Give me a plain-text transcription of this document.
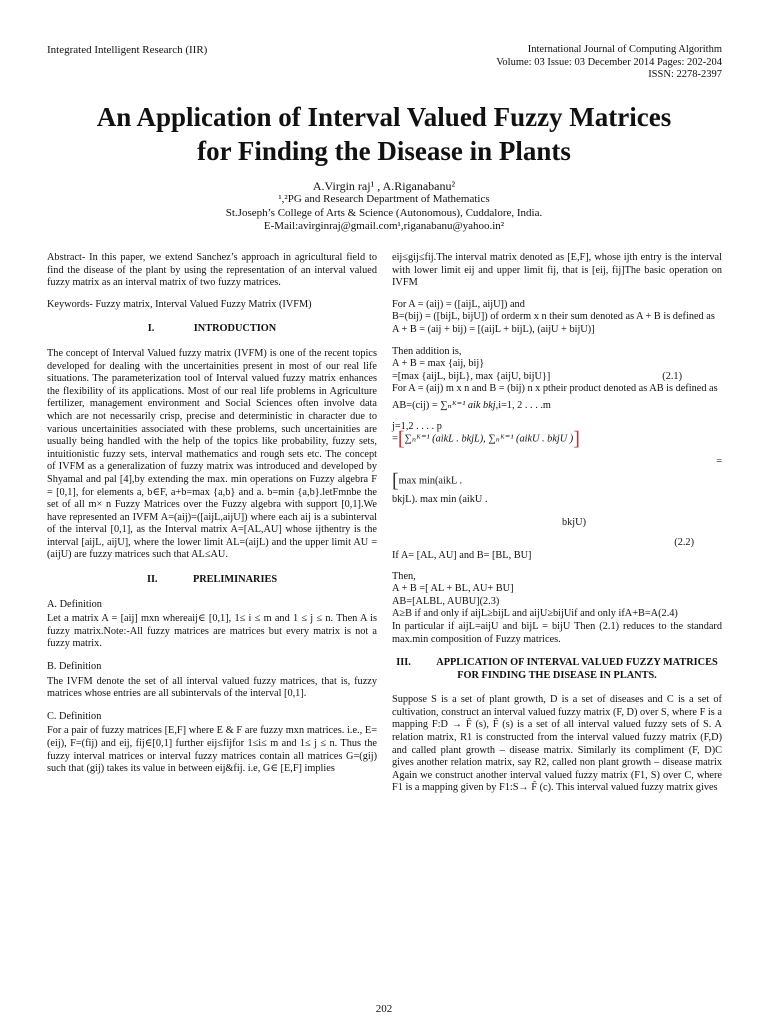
Integrated Intelligent Research (IIR)	International Journal of Computing Algorithm
Volume: 03 Issue: 03 December 2014 Pages: 202-204
ISSN: 2278-2397
An Application of Interval Valued Fuzzy Matrices
for Finding the Disease in Plants
A.Virgin raj¹ , A.Riganabanu²
¹,²PG and Research Department of Mathematics
St.Joseph’s College of Arts & Science (Autonomous), Cuddalore, India.
E-Mail:avirginraj@gmail.com¹,riganabanu@yahoo.in²

Abstract- In this paper, we extend Sanchez’s approach in agricultural field to find the disease of the plant by using the representation of an interval valued fuzzy matrix as an interval matrix of two fuzzy matrices.

Keywords- Fuzzy matrix, Interval Valued Fuzzy Matrix (IVFM)

I.	INTRODUCTION

The concept of Interval Valued fuzzy matrix (IVFM) is one of the recent topics developed for dealing with the uncertainities present in most of our real life situations. The parameterization tool of Interval valued fuzzy matrix enhances the flexibility of its applications. Most of our real life problems in Agriculture fertilizer, management environment and Social Sciences often involve data which are not necessarily crisp, precise and deterministic in character due to various uncertainities associated with these problems, such uncertainities are usually being handled with the help of the topics like probability, fuzzy sets, intuitionistic fuzzy sets, interval mathematics and rough sets etc. The concept of IVFM as a generalization of fuzzy matrix was introduced and developed by Shyamal and pal [4],by extending the max. min operations on Fuzzy algebra F = [0,1], for elements a, b∈F, a+b=max {a,b} and a. b=min {a,b}.letFmnbe the set of all m× n Fuzzy Matrices over the Fuzzy algebra with support [0,1].We have represented an IVFM A=(aij)=([aijL,aijU]) where each aij is a subinterval of the interval [0,1], as the Interval matrix A=[AL,AU] whose ijthentry is the interval [aijL, aijU], where the lower limit AL=(aijL) and the upper limit AU = (aijU) are fuzzy matrices such that AL≤AU.

II.	PRELIMINARIES
A. Definition

Let a matrix A = [aij] mxn whereaij∈ [0,1], 1≤ i ≤ m and 1 ≤ j ≤ n. Then A is fuzzy matrix.Note:-All fuzzy matrices are matrices but every matrix is not a fuzzy matrix.

B. Definition

The IVFM denote the set of all interval valued fuzzy matrices, that is, fuzzy matrices whose entries are all subintervals of the interval [0,1].

C. Definition

For a pair of fuzzy matrices [E,F] where E & F are fuzzy mxn matrices. i.e., E=(eij), F=(fij) and eij, fij∈[0,1] further eij≤fijfor 1≤i≤ m and 1≤ j ≤ n. Thus the fuzzy interval matrices or interval fuzzy matrices contain all matrices G=(gij) such that (gij) takes its value in between eij&fij. i.e, G∈ [E,F] implies

eij≤gij≤fij.The interval matrix denoted as [E,F], whose ijth entry is the interval with lower limit eij and upper limit fij, that is [eij, fij]The basic operation on IVFM

For A = (aij) = ([aijL, aijU]) and
B=(bij) = ([bijL, bijU]) of orderm x n their sum denoted as A + B is defined as
A + B = (aij + bij) = [(aijL + bijL), (aijU + bijU)]
Then addition is,
A + B = max {aij, bij}
=[max {aijL, bijL}, max {aijU, bijU}]	(2.1)
For A = (aij) m x n and B = (bij) n x ptheir product denoted as AB is defined as
AB=(cij) = ∑ₙᴷ⁼¹ aik bkj,i=1, 2 . . . .m
j=1,2 . . . . p
=[∑ₙᴷ⁼¹ (aikL . bkjL), ∑ₙᴷ⁼¹ (aikU . bkjU )]
=
[max min(aikL .
bkjL). max min (aikU .
bkjU)
(2.2)
If A= [AL, AU] and B= [BL, BU]
Then,
A + B =[ AL + BL, AU+ BU]
AB=[ALBL, AUBU](2.3)

A≥B if and only if aijL≥bijL and aijU≥bijUif and only ifA+B=A(2.4)

In particular if aijL=aijU and bijL = bijU Then (2.1) reduces to the standard max.min composition of Fuzzy matrices.

III. APPLICATION OF INTERVAL VALUED FUZZY MATRICES FOR FINDING THE DISEASE IN PLANTS.

Suppose S is a set of plant growth, D is a set of diseases and C is a set of cultivation, construct an interval valued fuzzy matrix (F, D) over S, where F is a mapping F:D → F̃ (s), F̃ (s) is a set of all interval valued fuzzy sets of S. A relation matrix, R1 is constructed from the interval valued fuzzy matrix (F,D) and called plant growth – disease matrix. Similarly its compliment (F, D)C gives another relation matrix, say R2, called non plant growth – disease matrix Again we construct another interval valued fuzzy matrix (F1, S) over C, where F1 is a mapping given by F1:S→ F̃ (c). This interval valued fuzzy matrix gives

202
